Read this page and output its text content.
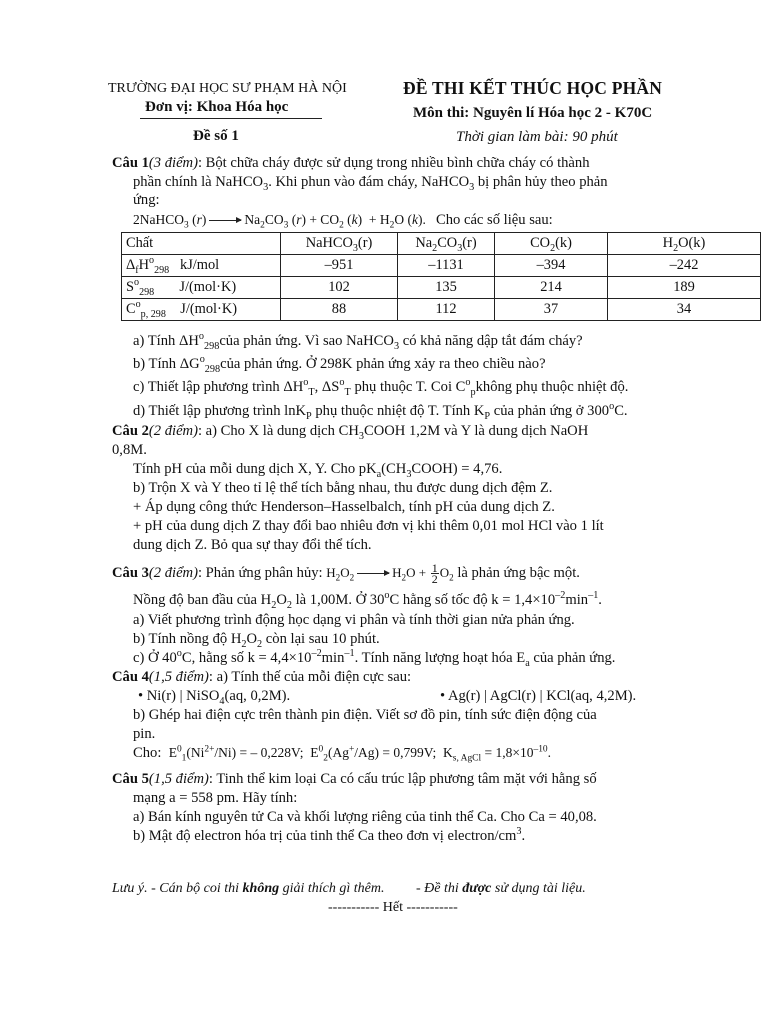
TRƯỜNG ĐẠI HỌC SƯ PHẠM HÀ NỘI
Đơn vị: Khoa Hóa học
Đề số 1
ĐỀ THI KẾT THÚC HỌC PHẦN
Môn thi: Nguyên lí Hóa học 2 - K70C
Thời gian làm bài: 90 phút
Câu 1(3 điểm): Bột chữa cháy được sử dụng trong nhiều bình chữa cháy có thành
phần chính là NaHCO$_3$. Khi phun vào đám cháy, NaHCO$_3$ bị phân hủy theo phản
ứng:
2NaHCO$_3$ $(r) \to Na_2CO_3$ $(r) + CO_2$ $(k) + H_2O$ (k).   Cho các số liệu sau:
Chất	NaHCO$_3$(r)	$Na_2CO_3(r)$	$CO_2(k)$	$H_2O(k)$
$\Delta_fH^o_{298}$ kJ/mol	–951	–1131	–394	–242
$S^o_{298}$ J/(mol·K)	102	135	214	189
$C^o_{p, 298}$ J/(mol·K)	88	112	37	34
a) Tính $\Delta H^o_{298}của$ phản ứng. Vì sao NaHCO$_3$ có khả năng dập tắt đám cháy?
b) Tính $\Delta G^o_{298}của$ phản ứng. Ở 298K phản ứng xảy ra theo chiều nào?
c) Thiết lập phương trình $\Delta H^o_T$, $\Delta S^o_T$ phụ thuộc T. Coi $C^o_pkhông$ phụ thuộc nhiệt độ.
d) Thiết lập phương trình lnK$_P$ phụ thuộc nhiệt độ T. Tính $K_P$ của phản ứng ở 300$^o$C.
Câu 2(2 điểm): a) Cho X là dung dịch $CH_3COOH$ 1,2M và Y là dung dịch NaOH
0,8M.
Tính pH của mỗi dung dịch X, Y. Cho $pK_a(CH_3COOH) = 4,76$.
b) Trộn X và Y theo tỉ lệ thể tích bằng nhau, thu được dung dịch đệm Z.
+ Áp dụng công thức Henderson–Hasselbalch, tính pH của dung dịch Z.
+ pH của dung dịch Z thay đổi bao nhiêu đơn vị khi thêm 0,01 mol HCl vào 1 lít
dung dịch Z. Bỏ qua sự thay đổi thể tích.
Câu 3(2 điểm): Phản ứng phân hủy: $H_2O_2 \to H_2O + \frac{1}{2} O_2$ là phản ứng bậc một.
Nồng độ ban đầu của $H_2O_2$ là 1,00M. Ở 30$^o$C hằng số tốc độ $k = 1,4\times 10^{-2}\min^{-1}$.
a) Viết phương trình động học dạng vi phân và tính thời gian nửa phản ứng.
b) Tính nồng độ $H_2O_2$ còn lại sau 10 phút.
c) Ở 40$^o$C, hằng số $k = 4,4\times 10^{-2}\min^{-1}$. Tính năng lượng hoạt hóa $E_a$ của phản ứng.
Câu 4(1,5 điểm): a) Tính thế của mỗi điện cực sau:
• Ni(r) | NiSO$_4$(aq, 0,2M).	• Ag(r) | AgCl(r) | KCl(aq, 4,2M).
b) Ghép hai điện cực trên thành pin điện. Viết sơ đồ pin, tính sức điện động của
pin.
Cho: $E^0_1(Ni^{2+}/Ni)$ = – 0,228V;  $E^0_2(Ag^+/Ag) = 0,799V$;  $K_{s, AgCl} = 1,8\times 10^{-10}$.
Câu 5(1,5 điểm): Tinh thể kim loại Ca có cấu trúc lập phương tâm mặt với hằng số
mạng a = 558 pm. Hãy tính:
a) Bán kính nguyên tử Ca và khối lượng riêng của tinh thể Ca. Cho Ca = 40,08.
b) Mật độ electron hóa trị của tinh thể Ca theo đơn vị electron/$cm^3$.
Lưu ý. - Cán bộ coi thi không giải thích gì thêm. - Đề thi được sử dụng tài liệu.
----------- Hết -----------
